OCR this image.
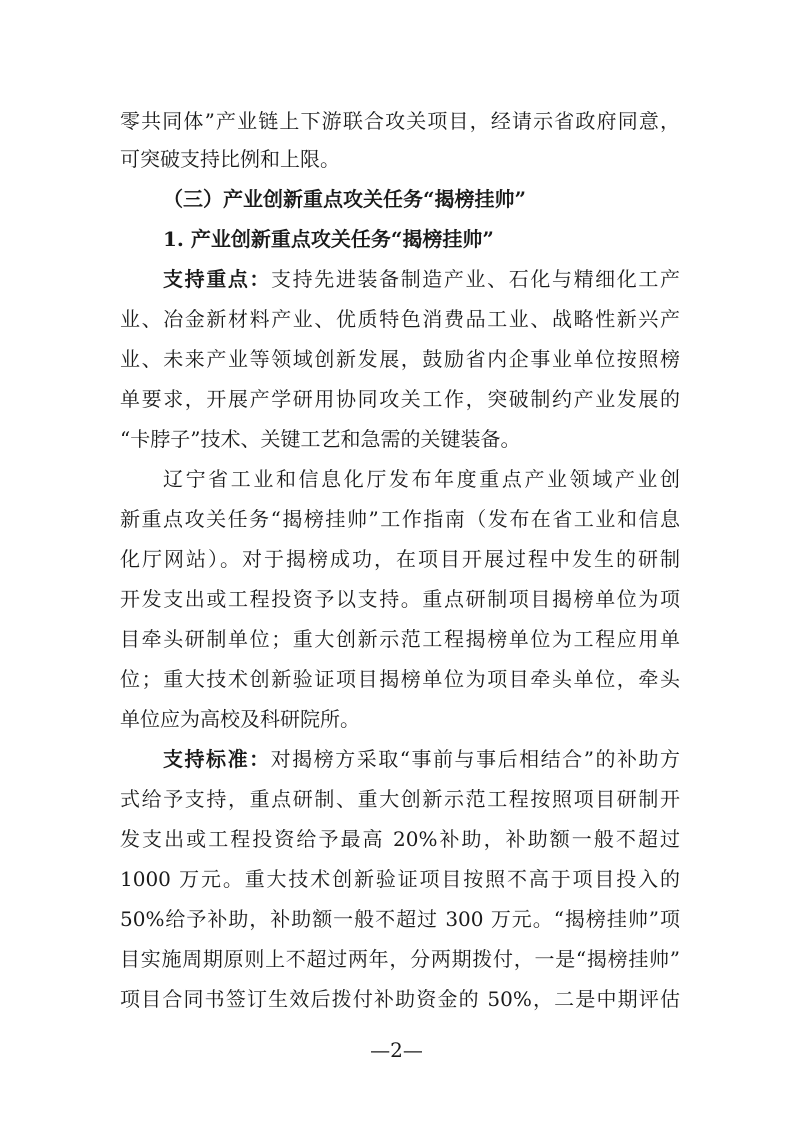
零共同体”产业链上下游联合攻关项目，经请示省政府同意，
可突破支持比例和上限。
（三）产业创新重点攻关任务“揭榜挂帅”
1. 产业创新重点攻关任务“揭榜挂帅”
支持重点：支持先进装备制造产业、石化与精细化工产
业、冶金新材料产业、优质特色消费品工业、战略性新兴产
业、未来产业等领域创新发展，鼓励省内企事业单位按照榜
单要求，开展产学研用协同攻关工作，突破制约产业发展的
“卡脖子”技术、关键工艺和急需的关键装备。
辽宁省工业和信息化厅发布年度重点产业领域产业创
新重点攻关任务“揭榜挂帅”工作指南（发布在省工业和信息
化厅网站）。对于揭榜成功，在项目开展过程中发生的研制
开发支出或工程投资予以支持。重点研制项目揭榜单位为项
目牵头研制单位；重大创新示范工程揭榜单位为工程应用单
位；重大技术创新验证项目揭榜单位为项目牵头单位，牵头
单位应为高校及科研院所。
支持标准：对揭榜方采取“事前与事后相结合”的补助方
式给予支持，重点研制、重大创新示范工程按照项目研制开
发支出或工程投资给予最高 20%补助，补助额一般不超过
1000 万元。重大技术创新验证项目按照不高于项目投入的
50%给予补助，补助额一般不超过 300 万元。“揭榜挂帅”项
目实施周期原则上不超过两年，分两期拨付，一是“揭榜挂帅”
项目合同书签订生效后拨付补助资金的 50%，二是中期评估
—2—
